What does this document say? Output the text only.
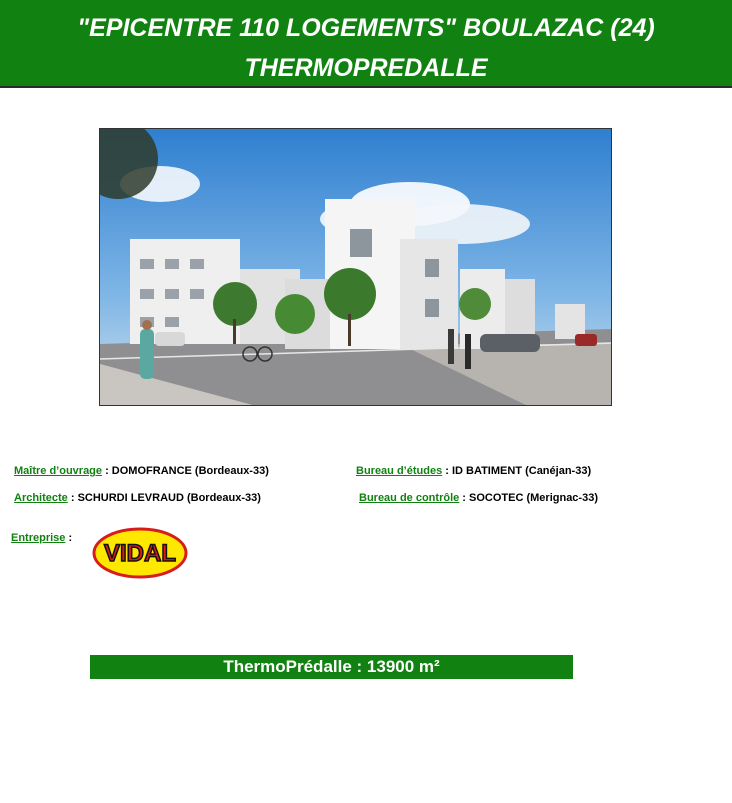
"EPICENTRE 110 LOGEMENTS" BOULAZAC (24)
THERMOPREDALLE
Maître d’ouvrage : DOMOFRANCE (Bordeaux-33)	Bureau d’études : ID BATIMENT (Canéjan-33)
Architecte : SCHURDI LEVRAUD (Bordeaux-33)	Bureau de contrôle : SOCOTEC (Merignac-33)
Entreprise :
VIDAL
ThermoPrédalle : 13900 m²
